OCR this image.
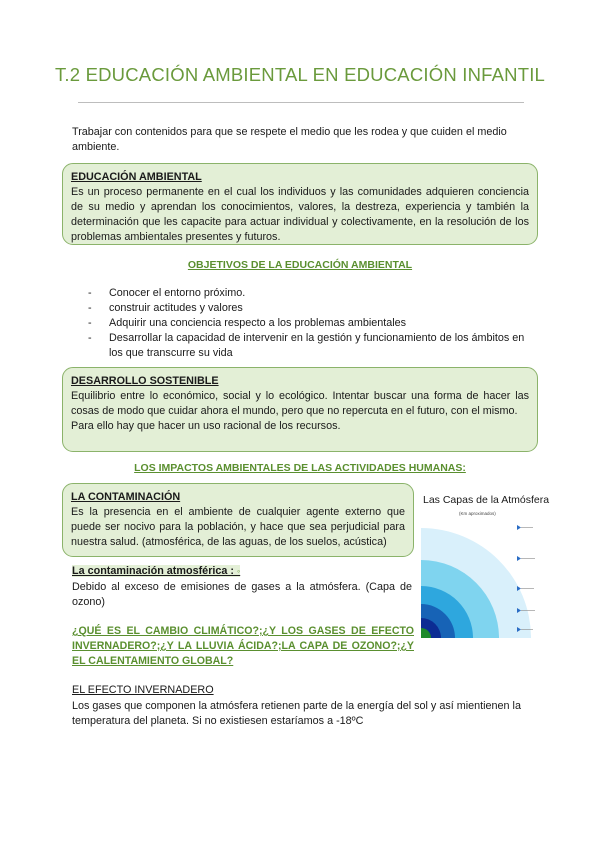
T.2 EDUCACIÓN AMBIENTAL EN EDUCACIÓN INFANTIL
Trabajar con contenidos para que se respete el medio que les rodea y que cuiden el medio ambiente.
EDUCACIÓN AMBIENTAL

Es un proceso permanente en el cual los individuos y las comunidades adquieren conciencia de su medio y aprendan los conocimientos, valores, la destreza, experiencia y también la determinación que les capacite para actuar individual y colectivamente, en la resolución de los problemas ambientales presentes y futuros.

OBJETIVOS DE LA EDUCACIÓN AMBIENTAL
- Conocer el entorno próximo.
- construir actitudes y valores
- Adquirir una conciencia respecto a los problemas ambientales
- Desarrollar la capacidad de intervenir en la gestión y funcionamiento de los ámbitos en los que transcurre su vida
DESARROLLO SOSTENIBLE

Equilibrio entre lo económico, social y lo ecológico. Intentar buscar una forma de hacer las cosas de modo que cuidar ahora el mundo, pero que no repercuta en el futuro, con el mismo.

Para ello hay que hacer un uso racional de los recursos.

LOS IMPACTOS AMBIENTALES DE LAS ACTIVIDADES HUMANAS:
LA CONTAMINACIÓN

Es la presencia en el ambiente de cualquier agente externo que puede ser nocivo para la población, y hace que sea perjudicial para nuestra salud. (atmosférica, de las aguas, de los suelos, acústica)

La contaminación atmosférica : ◦
Debido al exceso de emisiones de gases a la atmósfera. (Capa de ozono)
¿QUÉ ES EL CAMBIO CLIMÁTICO?;¿Y LOS GASES DE EFECTO INVERNADERO?;¿Y LA LLUVIA ÁCIDA?;LA CAPA DE OZONO?;¿Y EL CALENTAMIENTO GLOBAL?
EL EFECTO INVERNADERO
Los gases que componen la atmósfera retienen parte de la energía del sol y así mientienen la temperatura del planeta. Si no existiesen estaríamos a -18ºC
Las Capas de la Atmósfera
(Km aproximados)
